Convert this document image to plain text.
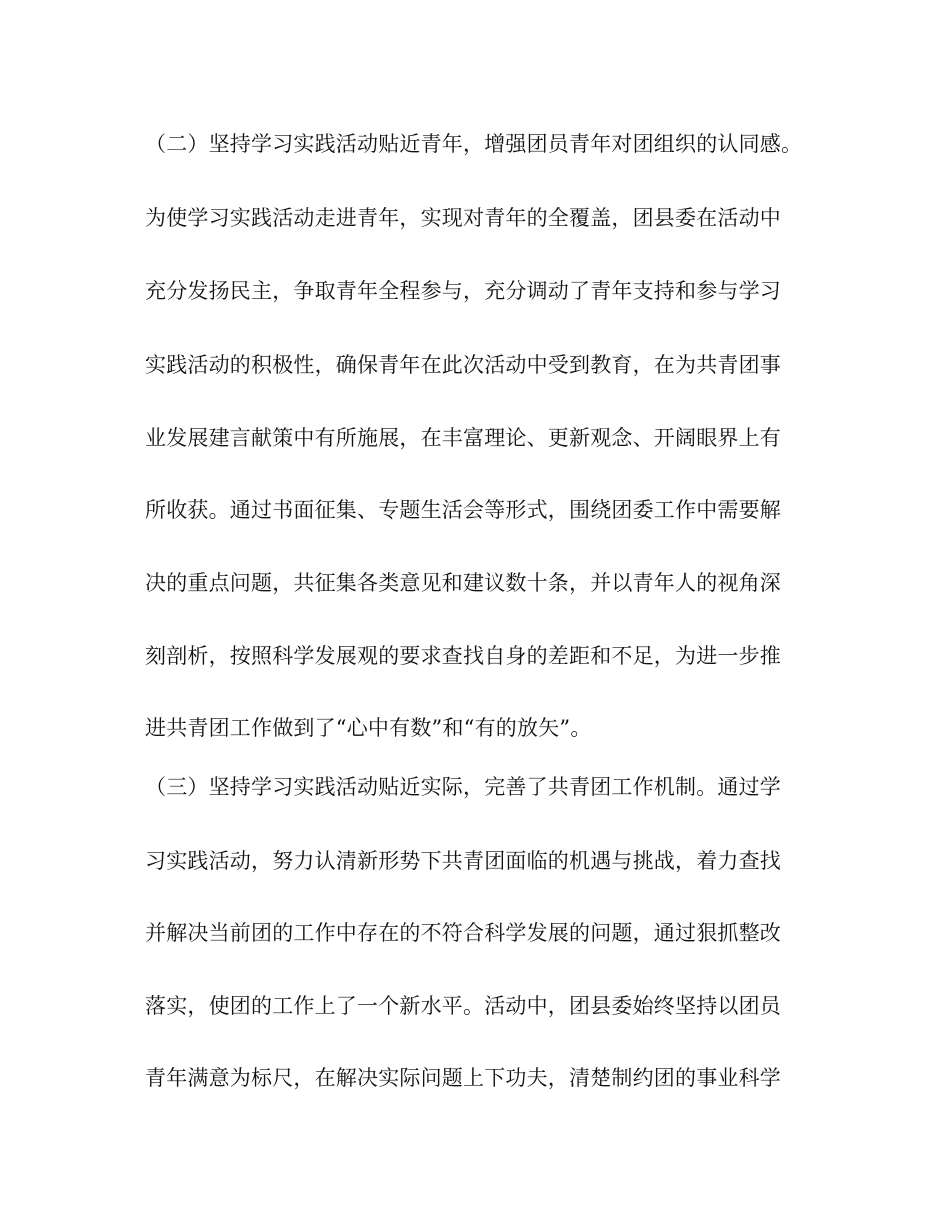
（二）坚持学习实践活动贴近青年，增强团员青年对团组织的认同感。
为使学习实践活动走进青年，实现对青年的全覆盖，团县委在活动中
充分发扬民主，争取青年全程参与，充分调动了青年支持和参与学习
实践活动的积极性，确保青年在此次活动中受到教育，在为共青团事
业发展建言献策中有所施展，在丰富理论、更新观念、开阔眼界上有
所收获。通过书面征集、专题生活会等形式，围绕团委工作中需要解
决的重点问题，共征集各类意见和建议数十条，并以青年人的视角深
刻剖析，按照科学发展观的要求查找自身的差距和不足，为进一步推
进共青团工作做到了“心中有数”和“有的放矢”。
（三）坚持学习实践活动贴近实际，完善了共青团工作机制。通过学
习实践活动，努力认清新形势下共青团面临的机遇与挑战，着力查找
并解决当前团的工作中存在的不符合科学发展的问题，通过狠抓整改
落实，使团的工作上了一个新水平。活动中，团县委始终坚持以团员
青年满意为标尺，在解决实际问题上下功夫，清楚制约团的事业科学
